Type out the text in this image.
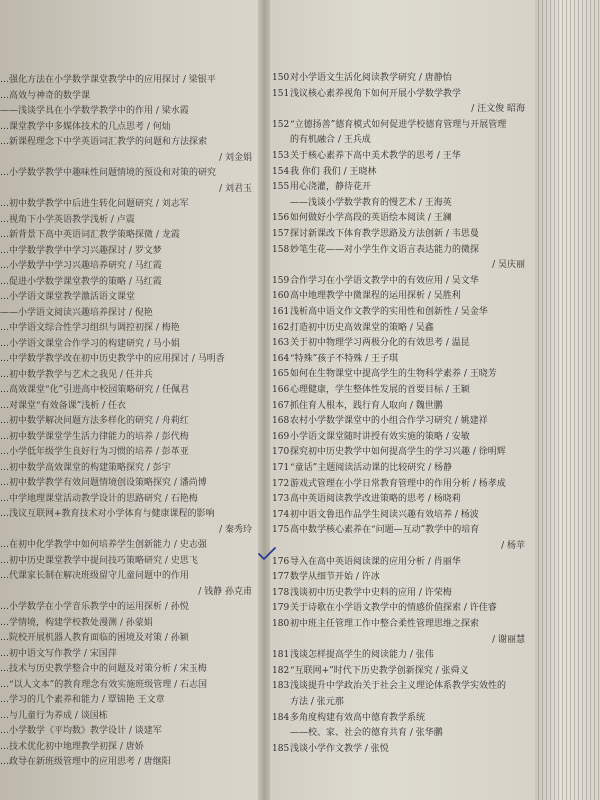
…强化方法在小学数学课堂教学中的应用探讨 / 梁银平
…高效与神奇的数学课
——浅谈学具在小学数学教学中的作用 / 梁水霞
…课堂教学中多媒体技术的几点思考 / 何灿
…新课程理念下中学英语词汇教学的问题和方法探索
/ 刘金娟
…小学数学教学中趣味性问题情境的预设和对策的研究
/ 刘君玉
…初中数学教学中后进生转化问题研究 / 刘志军
…视角下小学英语教学浅析 / 卢震
…新背景下高中英语词汇教学策略探微 / 龙霞
…中学数学教学中学习兴趣探讨 / 罗文梦
…小学数学中学习兴趣培养研究 / 马红霞
…促进小学数学课堂教学的策略 / 马红霞
…小学语文课堂教学激活语文课堂
——小学语文阅读兴趣培养探讨 / 倪艳
…中学语文综合性学习组织与调控初探 / 梅艳
…小学语文课堂合作学习的构建研究 / 马小娟
…中学数学教学改在初中历史教学中的应用探讨 / 马明香
…初中数学教学与艺术之我见 / 任井兵
…高效课堂“化”引进高中校园策略研究 / 任佩君
…对课堂“有效备课”浅析 / 任衣
…初中数学解决问题方法多样化的研究 / 舟莉红
…初中数学课堂学生活力律能力的培养 / 彭代梅
…小学低年级学生良好行为习惯的培养 / 彭革亚
…初中数学高效课堂的构建策略探究 / 彭宇
…初中数学教学有效问题情境创设策略探究 / 潘尚博
…中学地理课堂活动教学设计的思路研究 / 石艳梅
…浅议互联网+教育技术对小学体育与健康课程的影响
/ 秦秀玲
…在初中化学教学中如何培养学生创新能力 / 史志强
…初中历史课堂教学中提问技巧策略研究 / 史思飞
…代课家长制在解决班级留守儿童问题中的作用
/ 钱静 孙克甫
…小学数学在小学音乐教学中的运用探析 / 孙悦
…学情境，构建学校教处漫测 / 孙蒙娟
…院校开展机器人教育面临的困境及对策 / 孙颖
…初中语文写作教学 / 宋国萍
…技术与历史教学整合中的问题及对策分析 / 宋玉梅
…“以人文本”的教育理念有效实施班级管理 / 石志国
…学习的几个素养和能力 / 覃锦艳 王文章
…与儿童行为养成 / 谈国栋
…小学数学《平均数》教学设计 / 谈建军
…技术优化初中地理教学初探 / 唐娇
…政导在新班级管理中的应用思考 / 唐继阳
150对小学语文生活化阅读教学研究 / 唐静怡
151浅议核心素养视角下如何开展小学数学教学
/ 汪文俊 昭海
152“立德扬善”德育模式如何促进学校德育管理与开展管理
的有机融合 / 王兵成
153关于核心素养下高中美术教学的思考 / 王华
154我 你们 我们 / 王晓林
155用心浇灌，静待花开
——浅谈小学数学教育的慢艺术 / 王海英
156如何做好小学高段的英语绘本阅读 / 王澜
157探讨新课改下体育教学思路及方法创新 / 韦思曼
158妙笔生花——对小学生作文语言表达能力的微探
/ 吴庆丽
159合作学习在小学语文教学中的有效应用 / 吴文华
160高中地理教学中微课程的运用探析 / 吴胜利
161浅析高中语文作文教学的实用性和创新性 / 吴金华
162打造初中历史高效课堂的策略 / 吴鑫
163关于初中物理学习两极分化的有效思考 / 温昆
164“特殊”孩子不特殊 / 王子琪
165如何在生物课堂中提高学生的生物科学素养 / 王晓芳
166心理健康，学生整体性发展的首要目标 / 王颖
167抓住育人根本，践行育人取向 / 魏世鹏
168农村小学数学课堂中的小组合作学习研究 / 姚建祥
169小学语文课堂随时讲授有效实施的策略 / 安敏
170探究初中历史教学中如何提高学生的学习兴趣 / 徐明辉
171“童话”主题阅读活动课的比较研究 / 杨静
172游戏式管理在小学日常教育管理中的作用分析 / 杨孝成
173高中英语阅读教学改进策略的思考 / 杨晓莉
174初中语文鲁迅作品学生阅读兴趣有效培养 / 杨波
175高中数学核心素养在“问题—互动”教学中的培育
/ 杨苹
176导入在高中英语阅读课的应用分析 / 肖丽华
177数学从细节开始 / 许冰
178浅谈初中历史教学中史料的应用 / 许荣梅
179关于诗歌在小学语文教学中的情感价值探索 / 许佳睿
180初中班主任管理工作中整合柔性管理思维之探索
/ 谢丽慧
181浅谈怎样提高学生的阅读能力 / 张伟
182“互联网+”时代下历史教学创新探究 / 张舜义
183浅谈提升中学政治关于社会主义理论体系教学实效性的
方法 / 张元那
184多角度构建有效高中德育教学系统
——校、家、社会的德育共育 / 张华鹏
185浅谈小学作文教学 / 张悦
